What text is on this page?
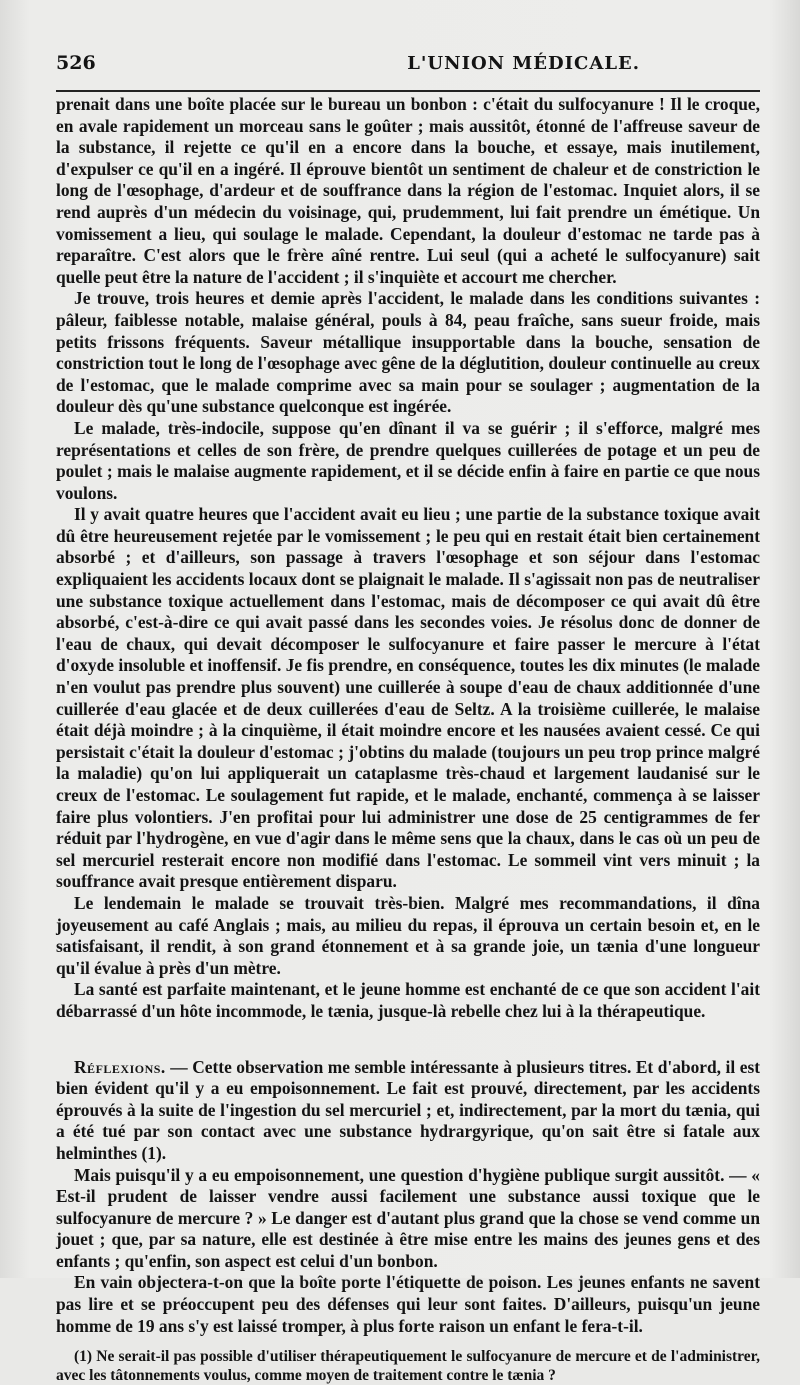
526	L'UNION MÉDICALE.

prenait dans une boîte placée sur le bureau un bonbon : c'était du sulfocyanure ! Il le croque, en avale rapidement un morceau sans le goûter ; mais aussitôt, étonné de l'affreuse saveur de la substance, il rejette ce qu'il en a encore dans la bouche, et essaye, mais inutilement, d'expulser ce qu'il en a ingéré. Il éprouve bientôt un sentiment de chaleur et de constriction le long de l'œsophage, d'ardeur et de souffrance dans la région de l'estomac. Inquiet alors, il se rend auprès d'un médecin du voisinage, qui, prudemment, lui fait prendre un émétique. Un vomissement a lieu, qui soulage le malade. Cependant, la douleur d'estomac ne tarde pas à reparaître. C'est alors que le frère aîné rentre. Lui seul (qui a acheté le sulfocyanure) sait quelle peut être la nature de l'accident ; il s'inquiète et accourt me chercher.

Je trouve, trois heures et demie après l'accident, le malade dans les conditions suivantes : pâleur, faiblesse notable, malaise général, pouls à 84, peau fraîche, sans sueur froide, mais petits frissons fréquents. Saveur métallique insupportable dans la bouche, sensation de constriction tout le long de l'œsophage avec gêne de la déglutition, douleur continuelle au creux de l'estomac, que le malade comprime avec sa main pour se soulager ; augmentation de la douleur dès qu'une substance quelconque est ingérée.

Le malade, très-indocile, suppose qu'en dînant il va se guérir ; il s'efforce, malgré mes représentations et celles de son frère, de prendre quelques cuillerées de potage et un peu de poulet ; mais le malaise augmente rapidement, et il se décide enfin à faire en partie ce que nous voulons.

Il y avait quatre heures que l'accident avait eu lieu ; une partie de la substance toxique avait dû être heureusement rejetée par le vomissement ; le peu qui en restait était bien certainement absorbé ; et d'ailleurs, son passage à travers l'œsophage et son séjour dans l'estomac expliquaient les accidents locaux dont se plaignait le malade. Il s'agissait non pas de neutraliser une substance toxique actuellement dans l'estomac, mais de décomposer ce qui avait dû être absorbé, c'est-à-dire ce qui avait passé dans les secondes voies. Je résolus donc de donner de l'eau de chaux, qui devait décomposer le sulfocyanure et faire passer le mercure à l'état d'oxyde insoluble et inoffensif. Je fis prendre, en conséquence, toutes les dix minutes (le malade n'en voulut pas prendre plus souvent) une cuillerée à soupe d'eau de chaux additionnée d'une cuillerée d'eau glacée et de deux cuillerées d'eau de Seltz. A la troisième cuillerée, le malaise était déjà moindre ; à la cinquième, il était moindre encore et les nausées avaient cessé. Ce qui persistait c'était la douleur d'estomac ; j'obtins du malade (toujours un peu trop prince malgré la maladie) qu'on lui appliquerait un cataplasme très-chaud et largement laudanisé sur le creux de l'estomac. Le soulagement fut rapide, et le malade, enchanté, commença à se laisser faire plus volontiers. J'en profitai pour lui administrer une dose de 25 centigrammes de fer réduit par l'hydrogène, en vue d'agir dans le même sens que la chaux, dans le cas où un peu de sel mercuriel resterait encore non modifié dans l'estomac. Le sommeil vint vers minuit ; la souffrance avait presque entièrement disparu.

Le lendemain le malade se trouvait très-bien. Malgré mes recommandations, il dîna joyeusement au café Anglais ; mais, au milieu du repas, il éprouva un certain besoin et, en le satisfaisant, il rendit, à son grand étonnement et à sa grande joie, un tænia d'une longueur qu'il évalue à près d'un mètre.

La santé est parfaite maintenant, et le jeune homme est enchanté de ce que son accident l'ait débarrassé d'un hôte incommode, le tænia, jusque-là rebelle chez lui à la thérapeutique.

Réflexions. — Cette observation me semble intéressante à plusieurs titres. Et d'abord, il est bien évident qu'il y a eu empoisonnement. Le fait est prouvé, directement, par les accidents éprouvés à la suite de l'ingestion du sel mercuriel ; et, indirectement, par la mort du tænia, qui a été tué par son contact avec une substance hydrargyrique, qu'on sait être si fatale aux helminthes (1).

Mais puisqu'il y a eu empoisonnement, une question d'hygiène publique surgit aussitôt. — « Est-il prudent de laisser vendre aussi facilement une substance aussi toxique que le sulfocyanure de mercure ? » Le danger est d'autant plus grand que la chose se vend comme un jouet ; que, par sa nature, elle est destinée à être mise entre les mains des jeunes gens et des enfants ; qu'enfin, son aspect est celui d'un bonbon.

En vain objectera-t-on que la boîte porte l'étiquette de poison. Les jeunes enfants ne savent pas lire et se préoccupent peu des défenses qui leur sont faites. D'ailleurs, puisqu'un jeune homme de 19 ans s'y est laissé tromper, à plus forte raison un enfant le fera-t-il.

(1) Ne serait-il pas possible d'utiliser thérapeutiquement le sulfocyanure de mercure et de l'administrer, avec les tâtonnements voulus, comme moyen de traitement contre le tænia ?
